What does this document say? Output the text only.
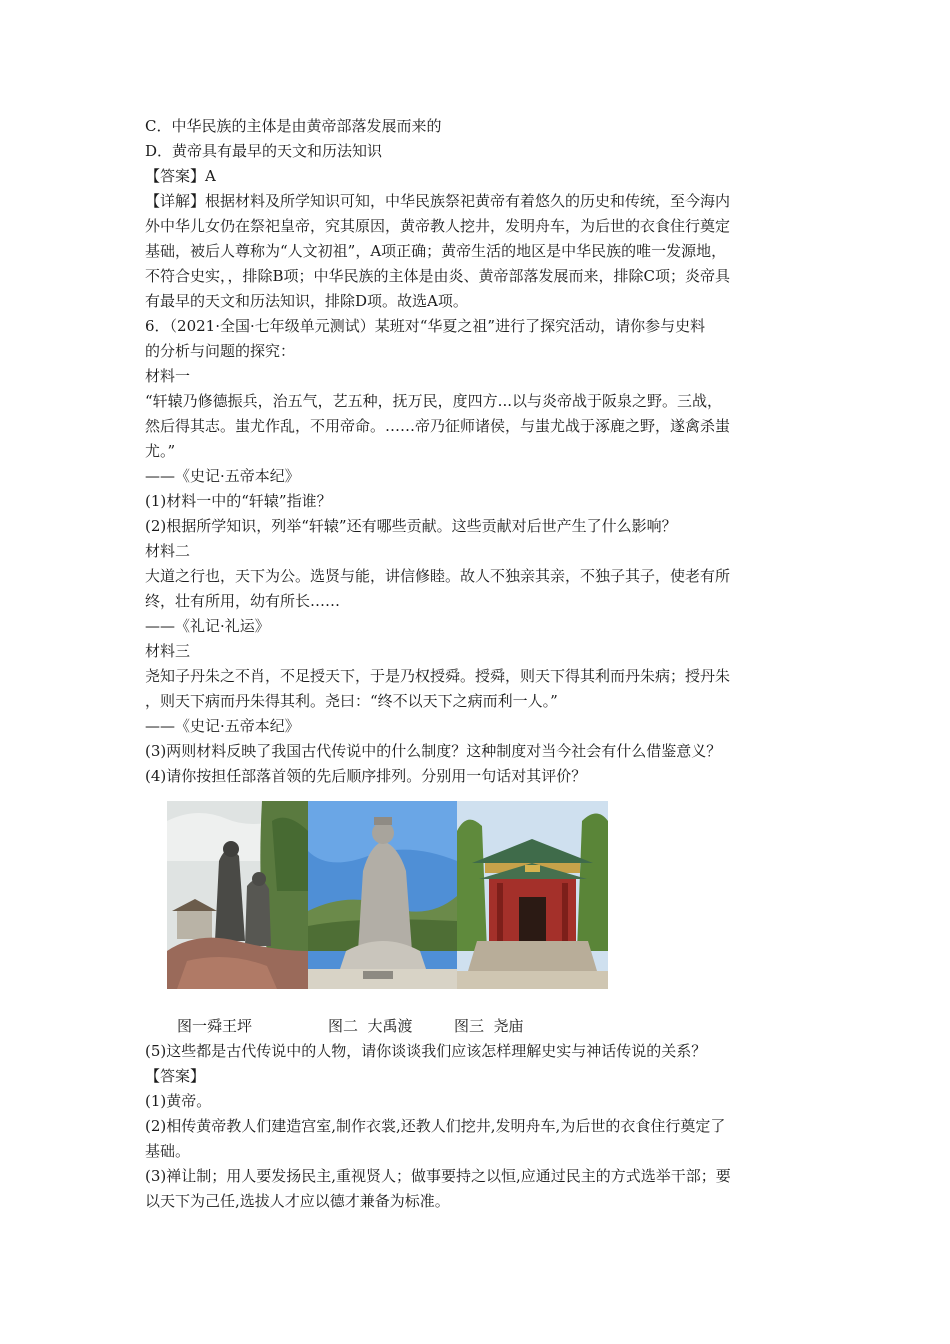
C．中华民族的主体是由黄帝部落发展而来的

D．黄帝具有最早的天文和历法知识

【答案】A

【详解】根据材料及所学知识可知，中华民族祭祀黄帝有着悠久的历史和传统，至今海内

外中华儿女仍在祭祀皇帝，究其原因，黄帝教人挖井，发明舟车，为后世的衣食住行奠定

基础，被后人尊称为“人文初祖”，A项正确；黄帝生活的地区是中华民族的唯一发源地，

不符合史实，，排除B项；中华民族的主体是由炎、黄帝部落发展而来，排除C项；炎帝具

有最早的天文和历法知识，排除D项。故选A项。

6．（2021·全国·七年级单元测试）某班对“华夏之祖”进行了探究活动，请你参与史料

的分析与问题的探究：

材料一

“轩辕乃修德振兵，治五气，艺五种，抚万民，度四方...以与炎帝战于阪泉之野。三战，

然后得其志。蚩尤作乱，不用帝命。……帝乃征师诸侯，与蚩尤战于涿鹿之野，遂禽杀蚩

尤。”

——《史记·五帝本纪》

(1)材料一中的“轩辕”指谁？

(2)根据所学知识，列举“轩辕”还有哪些贡献。这些贡献对后世产生了什么影响？

材料二

大道之行也，天下为公。选贤与能，讲信修睦。故人不独亲其亲，不独子其子，使老有所

终，壮有所用，幼有所长……

——《礼记·礼运》

材料三

尧知子丹朱之不肖，不足授天下，于是乃权授舜。授舜，则天下得其利而丹朱病；授丹朱

，则天下病而丹朱得其利。尧曰：“终不以天下之病而利一人。”

——《史记·五帝本纪》

(3)两则材料反映了我国古代传说中的什么制度？这种制度对当今社会有什么借鉴意义？

(4)请你按担任部落首领的先后顺序排列。分别用一句话对其评价？

图一舜王坪	图二  大禹渡	图三  尧庙

(5)这些都是古代传说中的人物，请你谈谈我们应该怎样理解史实与神话传说的关系？

【答案】

(1)黄帝。

(2)相传黄帝教人们建造宫室,制作衣裳,还教人们挖井,发明舟车,为后世的衣食住行奠定了

基础。

(3)禅让制；用人要发扬民主,重视贤人；做事要持之以恒,应通过民主的方式选举干部；要

以天下为己任,选拔人才应以德才兼备为标准。
